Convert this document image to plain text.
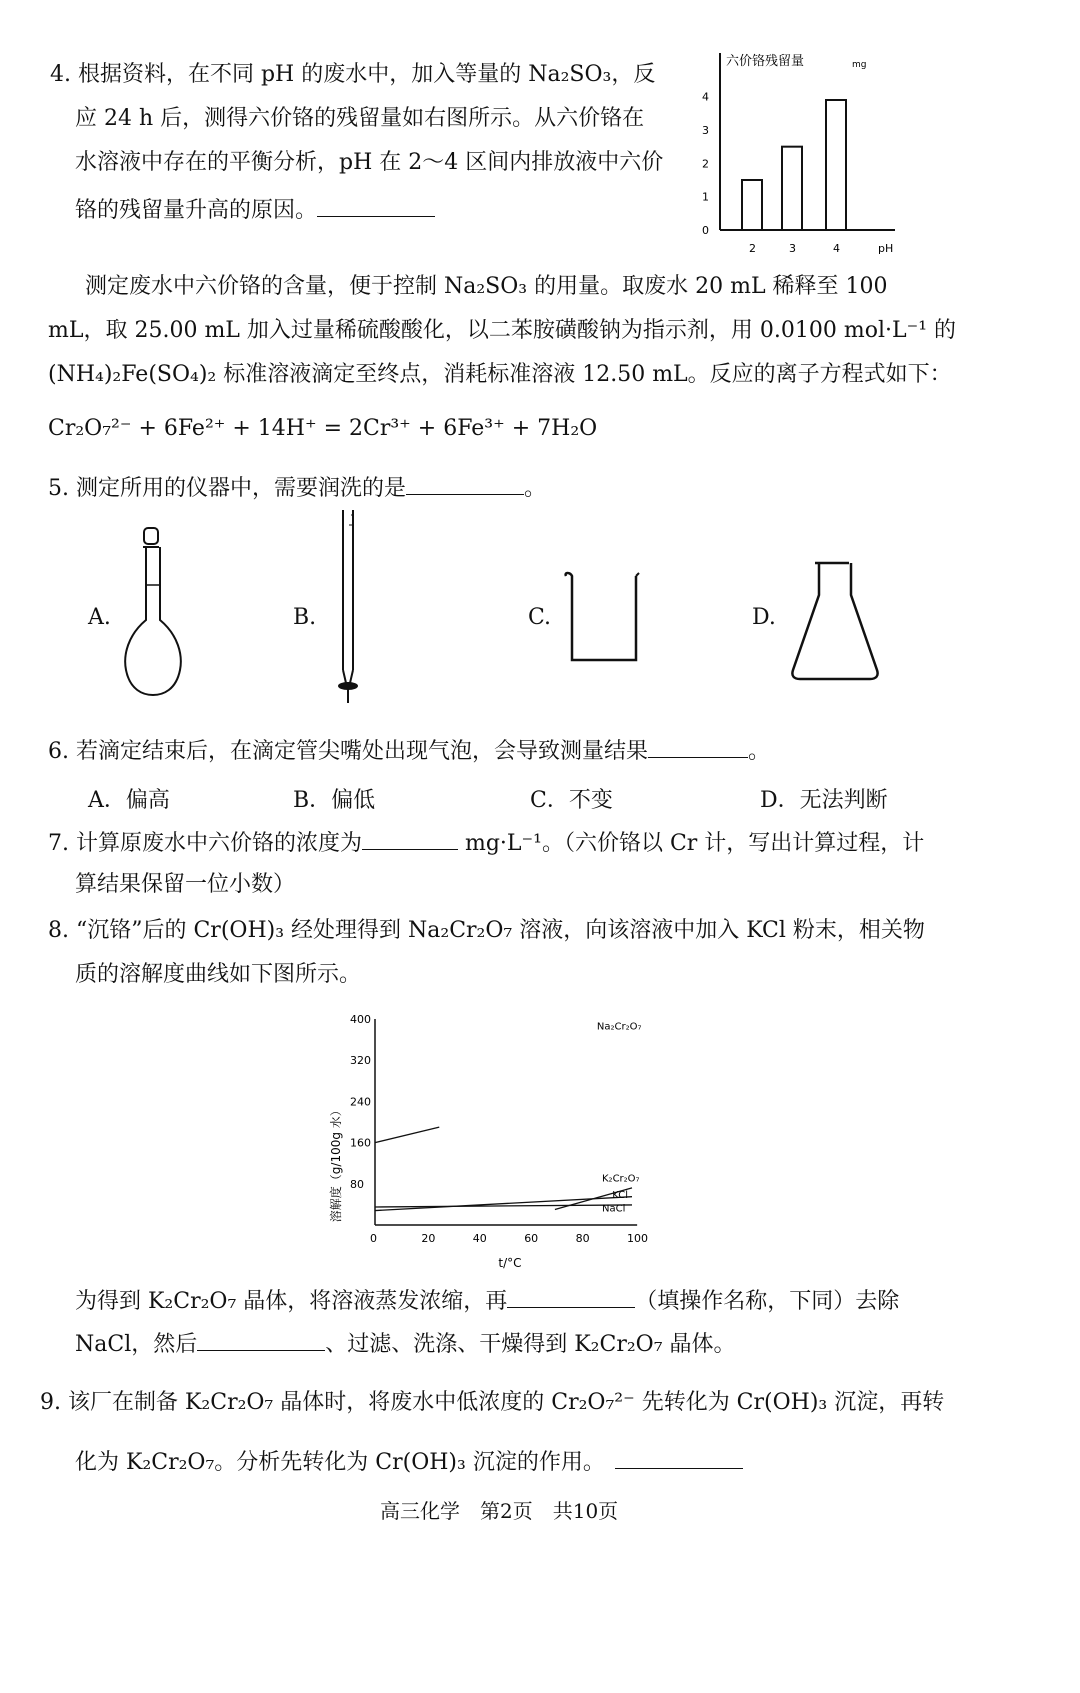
4. 根据资料，在不同 pH 的废水中，加入等量的 Na₂SO₃，反
应 24 h 后，测得六价铬的残留量如右图所示。从六价铬在
水溶液中存在的平衡分析，pH 在 2～4 区间内排放液中六价
铬的残留量升高的原因。
六价铬残留量	mg
0
1
2
3
4
2	3	4	pH
测定废水中六价铬的含量，便于控制 Na₂SO₃ 的用量。取废水 20 mL 稀释至 100
mL，取 25.00 mL 加入过量稀硫酸酸化，以二苯胺磺酸钠为指示剂，用 0.0100 mol·L⁻¹ 的
(NH₄)₂Fe(SO₄)₂ 标准溶液滴定至终点，消耗标准溶液 12.50 mL。反应的离子方程式如下：
Cr₂O₇²⁻ + 6Fe²⁺ + 14H⁺ = 2Cr³⁺ + 6Fe³⁺ + 7H₂O
5. 测定所用的仪器中，需要润洗的是	。
A.	B.	C.	D.
6. 若滴定结束后，在滴定管尖嘴处出现气泡，会导致测量结果	。
A．偏高	B．偏低	C．不变	D．无法判断
7. 计算原废水中六价铬的浓度为	mg·L⁻¹。（六价铬以 Cr 计，写出计算过程，计
算结果保留一位小数）
8. “沉铬”后的 Cr(OH)₃ 经处理得到 Na₂Cr₂O₇ 溶液，向该溶液中加入 KCl 粉末，相关物
质的溶解度曲线如下图所示。
80
160
240
320
400
0	20	40	60	80	100
t/°C
溶解度（g/100g 水）
Na₂Cr₂O₇
K₂Cr₂O₇
KCl
NaCl
为得到 K₂Cr₂O₇ 晶体，将溶液蒸发浓缩，再	（填操作名称，下同）去除
NaCl，然后	、过滤、洗涤、干燥得到 K₂Cr₂O₇ 晶体。
9. 该厂在制备 K₂Cr₂O₇ 晶体时，将废水中低浓度的 Cr₂O₇²⁻ 先转化为 Cr(OH)₃ 沉淀，再转
化为 K₂Cr₂O₇。分析先转化为 Cr(OH)₃ 沉淀的作用。
高三化学　第2页　共10页
